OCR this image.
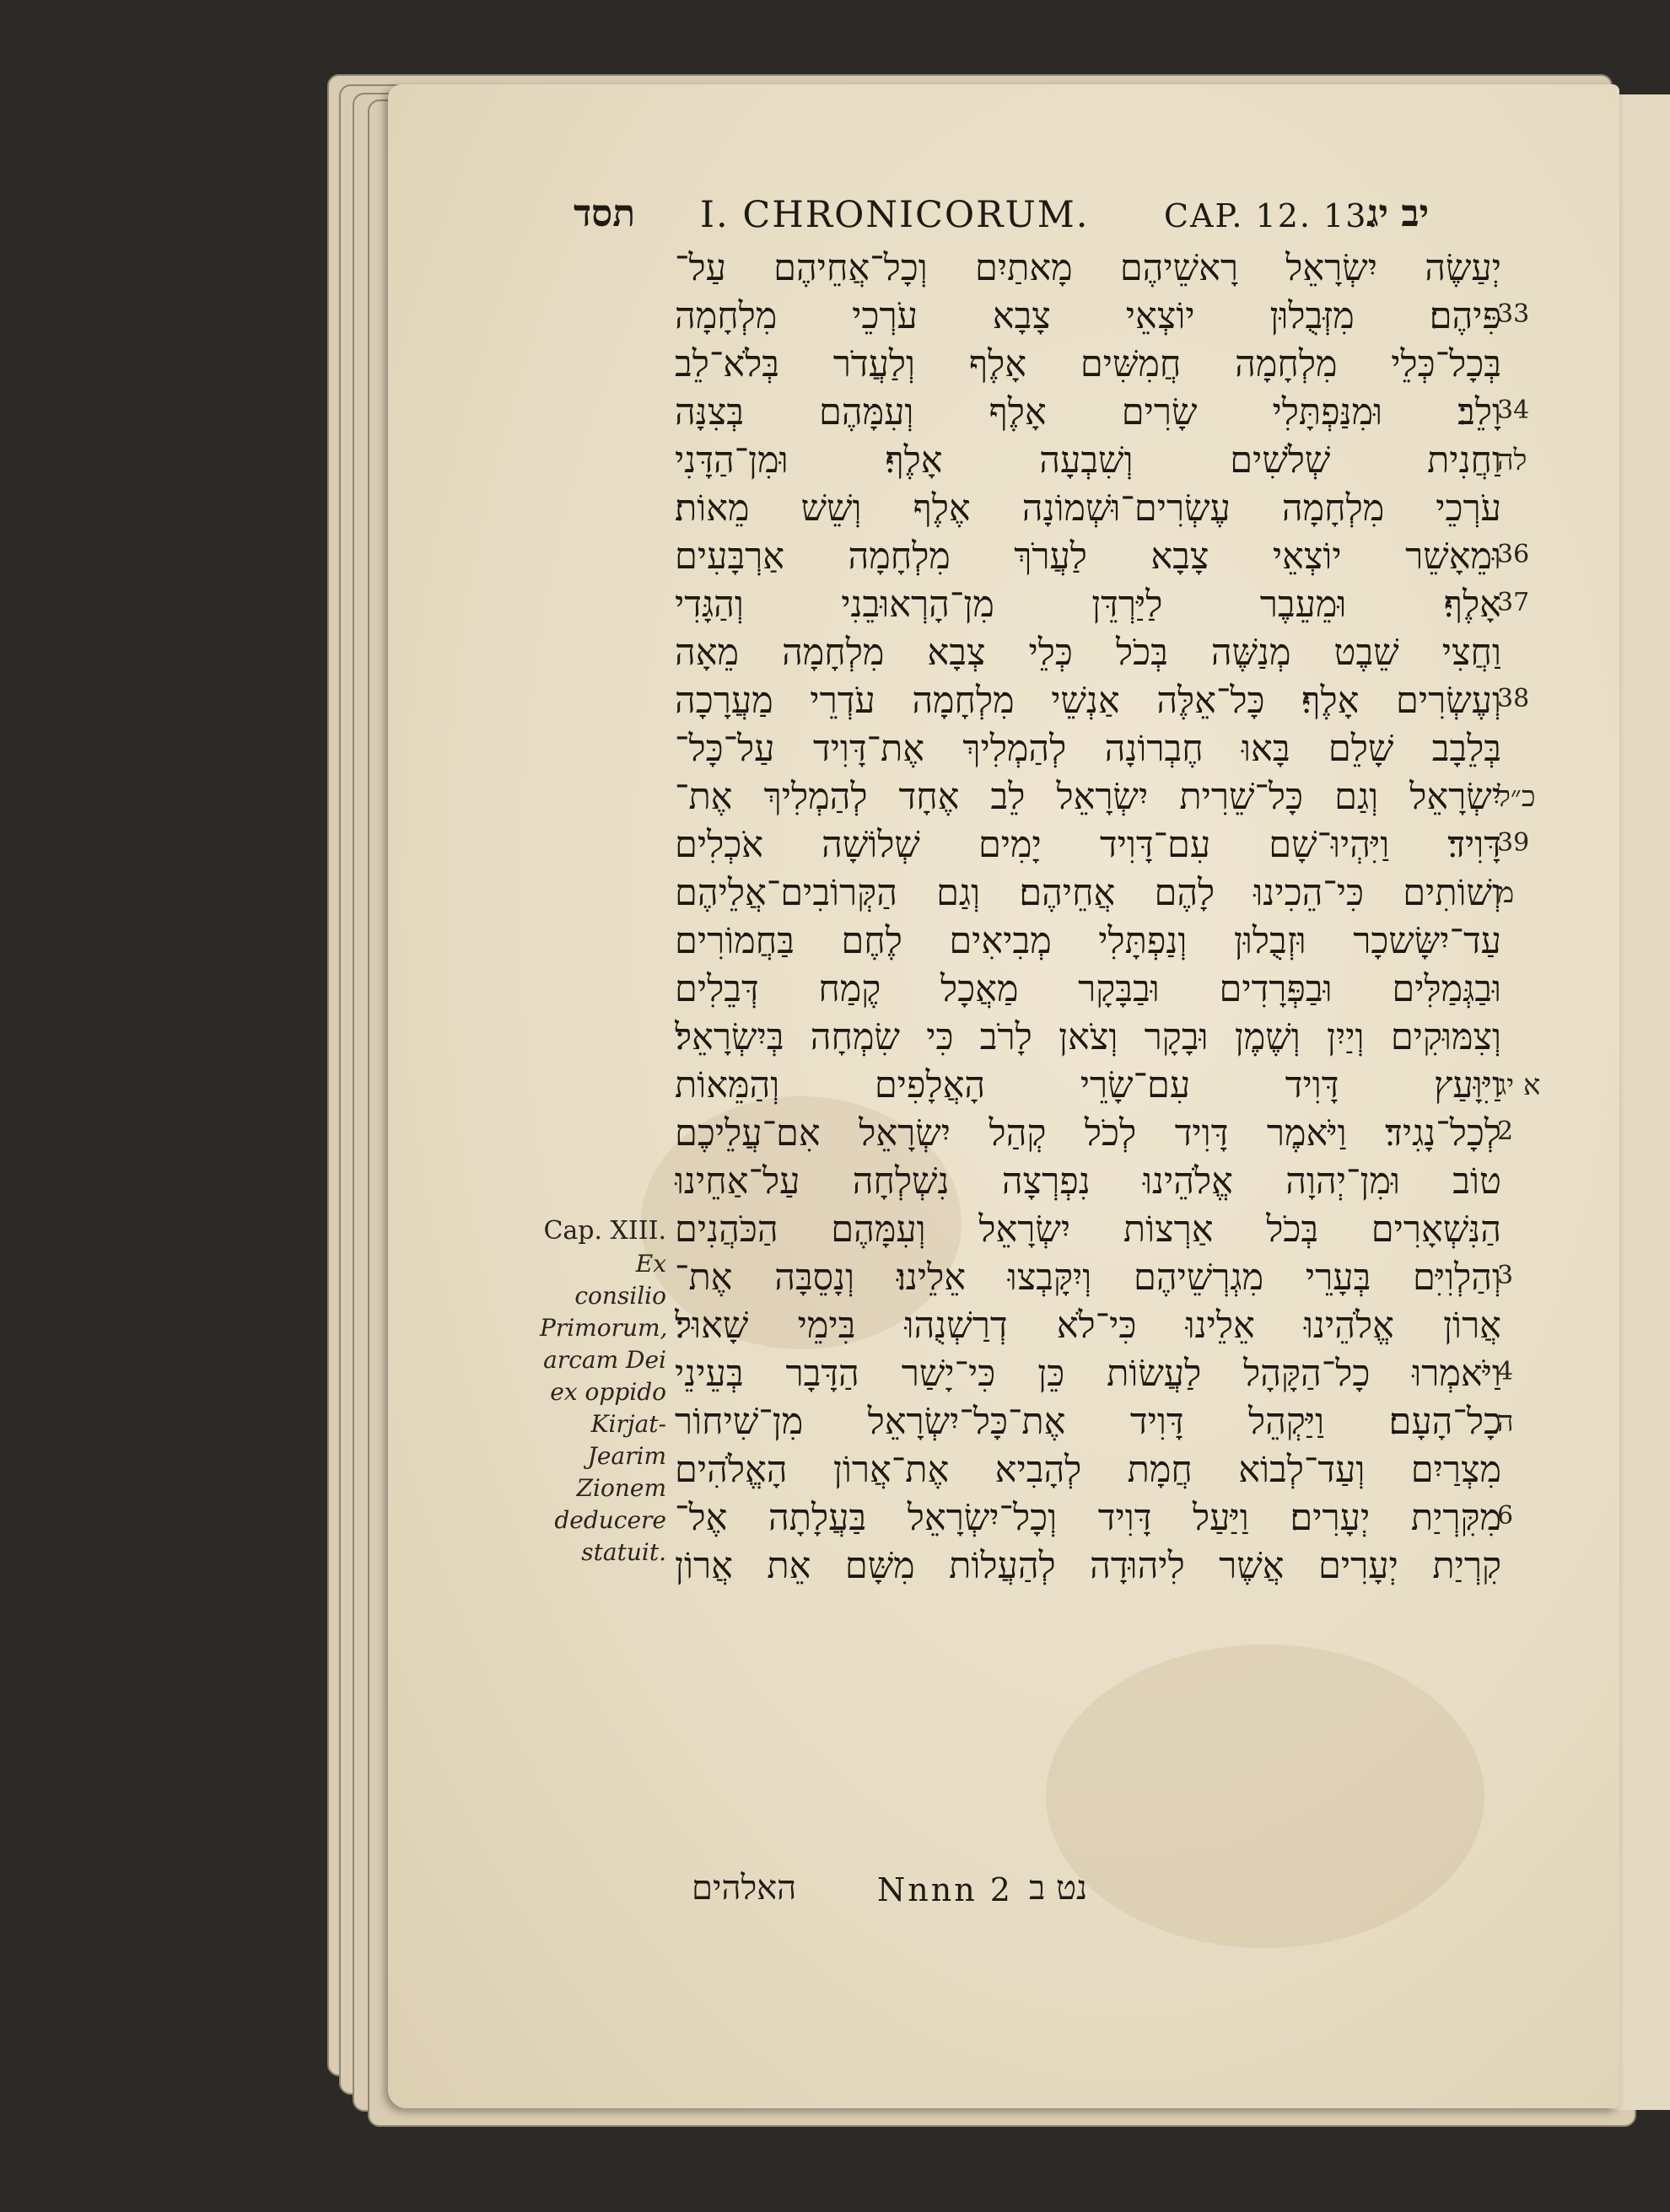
תסד I. CHRONICORUM. CAP. 12. 13.
יב יג
יְעַשֶׂה יִשְׂרָאֵל רָאשֵׁיהֶם מָאתַיִם וְכָל־אֲחֵיהֶם עַל־
פִּיהֶם׃ מִזְּבֻלוּן יוֹצְאֵי צָבָא עֹרְכֵי מִלְחָמָה
בְּכָל־כְּלֵי מִלְחָמָה חֲמִשִּׁים אָלֶף וְלַעֲדֹר בְּלֹא־לֵב
וָלֵב׃ וּמִנַּפְתָּלִי שָׂרִים אָלֶף וְעִמָּהֶם בְּצִנָּה
וַחֲנִית שְׁלֹשִׁים וְשִׁבְעָה אָלֶף׃ וּמִן־הַדָּנִי
עֹרְכֵי מִלְחָמָה עֶשְׂרִים־וּשְׁמוֹנָה אֶלֶף וְשֵׁשׁ מֵאוֹת׃
וּמֵאָשֵׁר יוֹצְאֵי צָבָא לַעֲרֹךְ מִלְחָמָה אַרְבָּעִים
אָלֶף׃ וּמֵעֵבֶר לַיַּרְדֵּן מִן־הָרְאוּבֵנִי וְהַגָּדִי
וַחֲצִי שֵׁבֶט מְנַשֶּׁה בְּכֹל כְּלֵי צְבָא מִלְחָמָה מֵאָה
וְעֶשְׂרִים אָלֶף׃ כָּל־אֵלֶּה אַנְשֵׁי מִלְחָמָה עֹדְרֵי מַעֲרָכָה
בְּלֵבָב שָׁלֵם בָּאוּ חֶבְרוֹנָה לְהַמְלִיךְ אֶת־דָּוִיד עַל־כָּל־
יִשְׂרָאֵל וְגַם כָּל־שֵׁרִית יִשְׂרָאֵל לֵב אֶחָד לְהַמְלִיךְ אֶת־
דָּוִיד׃ וַיִּהְיוּ־שָׁם עִם־דָּוִיד יָמִים שְׁלוֹשָׁה אֹכְלִים
וְשׁוֹתִים כִּי־הֵכִינוּ לָהֶם אֲחֵיהֶם׃ וְגַם הַקְּרוֹבִים־אֲלֵיהֶם
עַד־יִשָּׂשכָר וּזְבֻלוּן וְנַפְתָּלִי מְבִיאִים לֶחֶם בַּחֲמוֹרִים
וּבַגְּמַלִּים וּבַפְּרָדִים וּבַבָּקָר מַאֲכָל קֶמַח דְּבֵלִים
וְצִמּוּקִים וְיַיִן וְשֶׁמֶן וּבָקָר וְצֹאן לָרֹב כִּי שִׂמְחָה בְּיִשְׂרָאֵל׃
וַיִּוָּעַץ דָּוִיד עִם־שָׂרֵי הָאֲלָפִים וְהַמֵּאוֹת
לְכָל־נָגִיד׃ וַיֹּאמֶר דָּוִיד לְכֹל קְהַל יִשְׂרָאֵל אִם־עֲלֵיכֶם
טוֹב וּמִן־יְהוָה אֱלֹהֵינוּ נִפְרְצָה נִשְׁלְחָה עַל־אַחֵינוּ
הַנִּשְׁאָרִים בְּכֹל אַרְצוֹת יִשְׂרָאֵל וְעִמָּהֶם הַכֹּהֲנִים
וְהַלְוִיִּם בְּעָרֵי מִגְרְשֵׁיהֶם וְיִקָּבְצוּ אֵלֵינוּ׃ וְנָסֵבָּה אֶת־
אֲרוֹן אֱלֹהֵינוּ אֵלֵינוּ כִּי־לֹא דְרַשְׁנֻהוּ בִּימֵי שָׁאוּל׃
וַיֹּאמְרוּ כָל־הַקָּהָל לַעֲשׂוֹת כֵּן כִּי־יָשַׁר הַדָּבָר בְּעֵינֵי
כָל־הָעָם׃ וַיַּקְהֵל דָּוִיד אֶת־כָּל־יִשְׂרָאֵל מִן־שִׁיחוֹר
מִצְרַיִם וְעַד־לְבוֹא חֲמָת לְהָבִיא אֶת־אֲרוֹן הָאֱלֹהִים
מִקִּרְיַת יְעָרִים׃ וַיַּעַל דָּוִיד וְכָל־יִשְׂרָאֵל בַּעֲלָתָה אֶל־
קִרְיַת יְעָרִים אֲשֶׁר לִיהוּדָה לְהַעֲלוֹת מִשָּׁם אֵת אֲרוֹן
33
34
לה
36
37
38
כ״ל
39
מ
א יג
2
3
4
ה
6
Cap. XIII.
Ex consilio
Primorum,
arcam Dei
ex oppido
Kirjat-
Jearim
Zionem
deducere
statuit.
האלהים	Nnnn 2 נט ב
